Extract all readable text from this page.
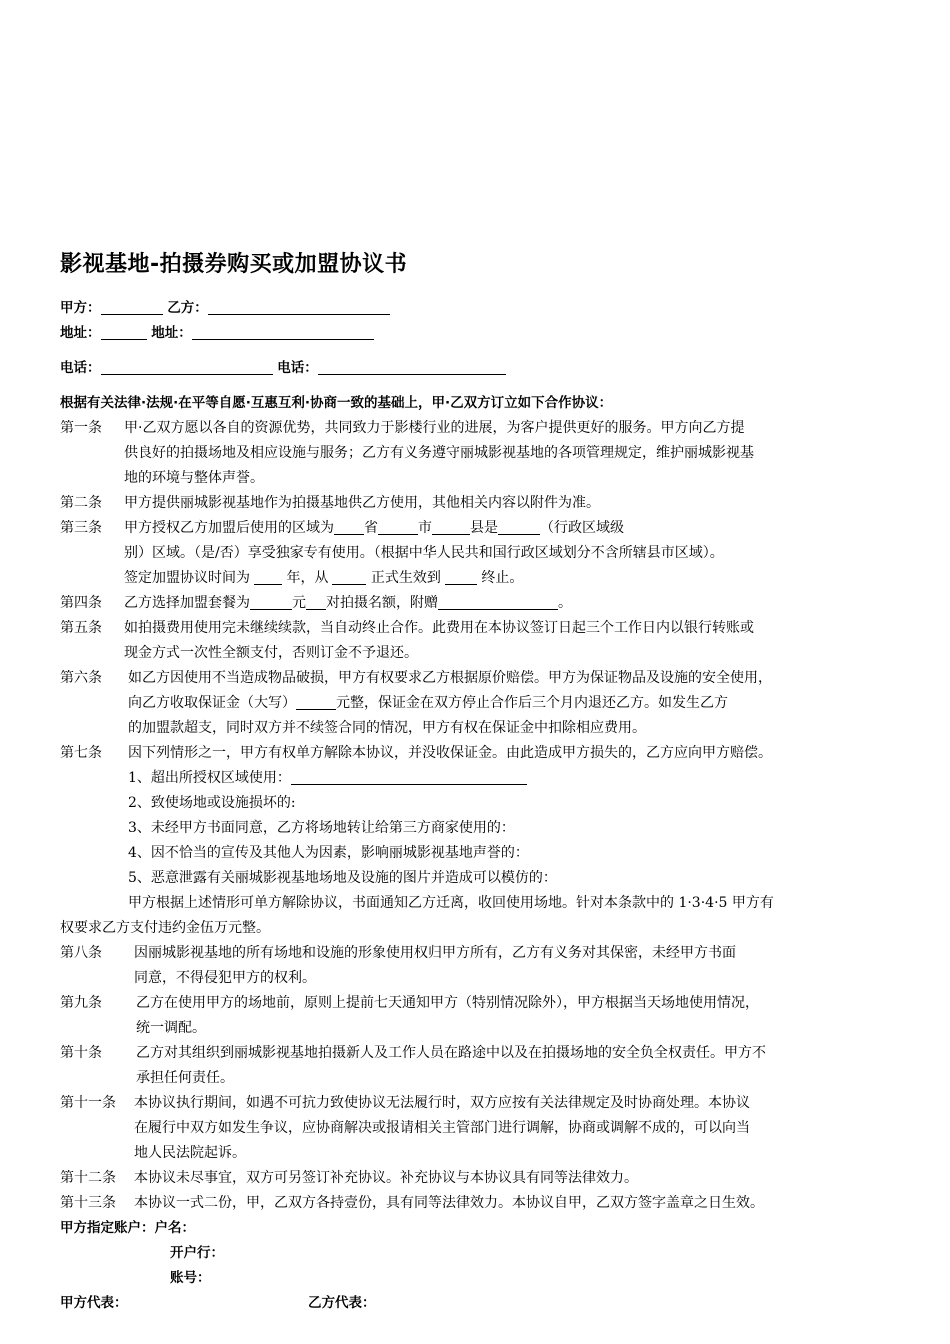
影视基地-拍摄券购买或加盟协议书
甲方：	乙方：
地址：	地址：
电话：	电话：
根据有关法律·法规·在平等自愿·互惠互利·协商一致的基础上，甲·乙双方订立如下合作协议：
第一条	甲·乙双方愿以各自的资源优势，共同致力于影楼行业的进展，为客户提供更好的服务。甲方向乙方提
供良好的拍摄场地及相应设施与服务；乙方有义务遵守丽城影视基地的各项管理规定，维护丽城影视基
地的环境与整体声誉。
第二条	甲方提供丽城影视基地作为拍摄基地供乙方使用，其他相关内容以附件为准。
第三条	甲方授权乙方加盟后使用的区域为 省	市	县是	（行政区域级
别）区域。（是/否）享受独家专有使用。（根据中华人民共和国行政区域划分不含所辖县市区域）。
签定加盟协议时间为	年，从	正式生效到	终止。
第四条	乙方选择加盟套餐为	元 对拍摄名额，附赠	。
第五条	如拍摄费用使用完未继续续款，当自动终止合作。此费用在本协议签订日起三个工作日内以银行转账或
现金方式一次性全额支付，否则订金不予退还。
第六条	如乙方因使用不当造成物品破损，甲方有权要求乙方根据原价赔偿。甲方为保证物品及设施的安全使用，
向乙方收取保证金（大写）	元整，保证金在双方停止合作后三个月内退还乙方。如发生乙方
的加盟款超支，同时双方并不续签合同的情况，甲方有权在保证金中扣除相应费用。
第七条	因下列情形之一，甲方有权单方解除本协议，并没收保证金。由此造成甲方损失的，乙方应向甲方赔偿。
1、超出所授权区域使用：
2、致使场地或设施损坏的:
3、未经甲方书面同意，乙方将场地转让给第三方商家使用的：
4、因不恰当的宣传及其他人为因素，影响丽城影视基地声誉的：
5、恶意泄露有关丽城影视基地场地及设施的图片并造成可以模仿的：
甲方根据上述情形可单方解除协议，书面通知乙方迁离，收回使用场地。针对本条款中的 1·3·4·5 甲方有
权要求乙方支付违约金伍万元整。
第八条	因丽城影视基地的所有场地和设施的形象使用权归甲方所有，乙方有义务对其保密，未经甲方书面
同意，不得侵犯甲方的权利。
第九条	乙方在使用甲方的场地前，原则上提前七天通知甲方（特别情况除外），甲方根据当天场地使用情况，
统一调配。
第十条	乙方对其组织到丽城影视基地拍摄新人及工作人员在路途中以及在拍摄场地的安全负全权责任。甲方不
承担任何责任。
第十一条	本协议执行期间，如遇不可抗力致使协议无法履行时，双方应按有关法律规定及时协商处理。本协议
在履行中双方如发生争议，应协商解决或报请相关主管部门进行调解，协商或调解不成的，可以向当
地人民法院起诉。
第十二条	本协议未尽事宜，双方可另签订补充协议。补充协议与本协议具有同等法律效力。
第十三条	本协议一式二份，甲，乙双方各持壹份，具有同等法律效力。本协议自甲，乙双方签字盖章之日生效。
甲方指定账户：户名：
开户行：
账号：
甲方代表：	乙方代表：
